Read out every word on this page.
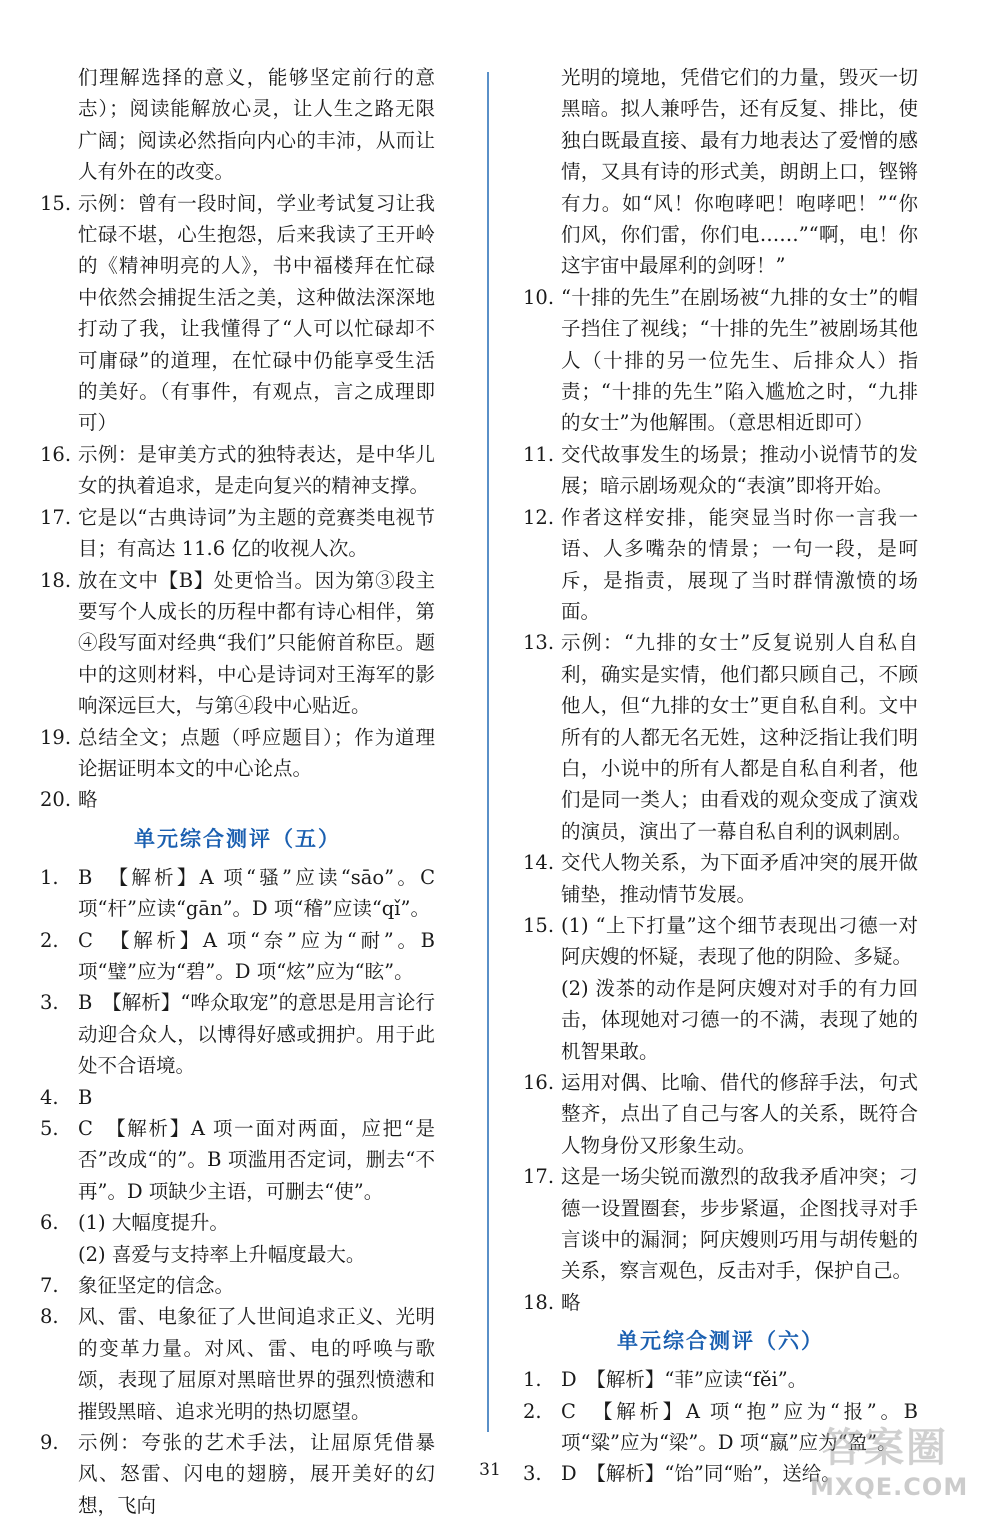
们理解选择的意义，能够坚定前行的意志）；阅读能解放心灵，让人生之路无限广阔；阅读必然指向内心的丰沛，从而让人有外在的改变。
15. 示例：曾有一段时间，学业考试复习让我忙碌不堪，心生抱怨，后来我读了王开岭的《精神明亮的人》，书中福楼拜在忙碌中依然会捕捉生活之美，这种做法深深地打动了我，让我懂得了“人可以忙碌却不可庸碌”的道理，在忙碌中仍能享受生活的美好。（有事件，有观点，言之成理即可）
16. 示例：是审美方式的独特表达，是中华儿女的执着追求，是走向复兴的精神支撑。
17. 它是以“古典诗词”为主题的竞赛类电视节目；有高达 11.6 亿的收视人次。
18. 放在文中【B】处更恰当。因为第③段主要写个人成长的历程中都有诗心相伴，第④段写面对经典“我们”只能俯首称臣。题中的这则材料，中心是诗词对王海军的影响深远巨大，与第④段中心贴近。
19. 总结全文；点题（呼应题目）；作为道理论据证明本文的中心论点。
20. 略
单元综合测评（五）
1. B　【解析】A 项“骚”应读“sāo”。C 项“杆”应读“gān”。D 项“稽”应读“qǐ”。
2. C　【解析】A 项“奈”应为“耐”。B 项“璧”应为“碧”。D 项“炫”应为“眩”。
3. B　【解析】“哗众取宠”的意思是用言论行动迎合众人，以博得好感或拥护。用于此处不合语境。
4. B
5. C　【解析】A 项一面对两面，应把“是否”改成“的”。B 项滥用否定词，删去“不再”。D 项缺少主语，可删去“使”。
6. (1) 大幅度提升。
(2) 喜爱与支持率上升幅度最大。
7. 象征坚定的信念。
8. 风、雷、电象征了人世间追求正义、光明的变革力量。对风、雷、电的呼唤与歌颂，表现了屈原对黑暗世界的强烈愤懑和摧毁黑暗、追求光明的热切愿望。
9. 示例：夸张的艺术手法，让屈原凭借暴风、怒雷、闪电的翅膀，展开美好的幻想，飞向
光明的境地，凭借它们的力量，毁灭一切黑暗。拟人兼呼告，还有反复、排比，使独白既最直接、最有力地表达了爱憎的感情，又具有诗的形式美，朗朗上口，铿锵有力。如“风！你咆哮吧！咆哮吧！”“你们风，你们雷，你们电……”“啊，电！你这宇宙中最犀利的剑呀！”
10. “十排的先生”在剧场被“九排的女士”的帽子挡住了视线；“十排的先生”被剧场其他人（十排的另一位先生、后排众人）指责；“十排的先生”陷入尴尬之时，“九排的女士”为他解围。（意思相近即可）
11. 交代故事发生的场景；推动小说情节的发展；暗示剧场观众的“表演”即将开始。
12. 作者这样安排，能突显当时你一言我一语、人多嘴杂的情景；一句一段，是呵斥，是指责，展现了当时群情激愤的场面。
13. 示例：“九排的女士”反复说别人自私自利，确实是实情，他们都只顾自己，不顾他人，但“九排的女士”更自私自利。文中所有的人都无名无姓，这种泛指让我们明白，小说中的所有人都是自私自利者，他们是同一类人；由看戏的观众变成了演戏的演员，演出了一幕自私自利的讽刺剧。
14. 交代人物关系，为下面矛盾冲突的展开做铺垫，推动情节发展。
15. (1) “上下打量”这个细节表现出刁德一对阿庆嫂的怀疑，表现了他的阴险、多疑。
(2) 泼茶的动作是阿庆嫂对对手的有力回击，体现她对刁德一的不满，表现了她的机智果敢。
16. 运用对偶、比喻、借代的修辞手法，句式整齐，点出了自己与客人的关系，既符合人物身份又形象生动。
17. 这是一场尖锐而激烈的敌我矛盾冲突；刁德一设置圈套，步步紧逼，企图找寻对手言谈中的漏洞；阿庆嫂则巧用与胡传魁的关系，察言观色，反击对手，保护自己。
18. 略
单元综合测评（六）
1. D　【解析】“菲”应读“fěi”。
2. C　【解析】A 项“抱”应为“报”。B 项“粱”应为“梁”。D 项“嬴”应为“盈”。
3. D　【解析】“饴”同“贻”，送给。
31	答案圈
MXQE.COM
